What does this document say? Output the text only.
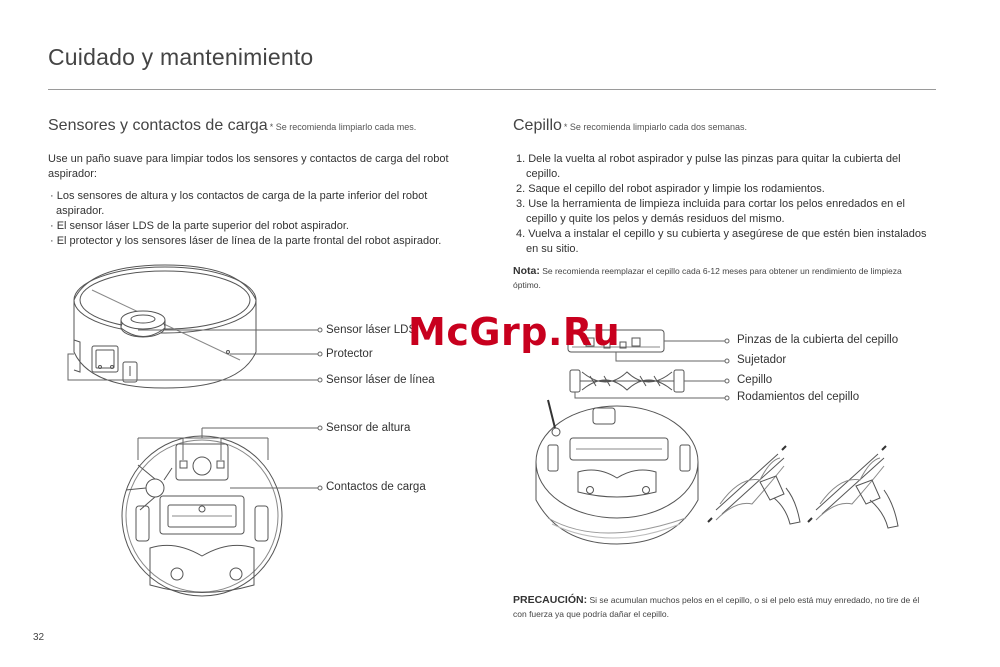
Cuidado y mantenimiento
Sensores y contactos de carga * Se recomienda limpiarlo cada mes.
Use un paño suave para limpiar todos los sensores y contactos de carga del robot aspirador:
· Los sensores de altura y los contactos de carga de la parte inferior del robot aspirador.
· El sensor láser LDS de la parte superior del robot aspirador.
· El protector y los sensores láser de línea de la parte frontal del robot aspirador.
Cepillo * Se recomienda limpiarlo cada dos semanas.
1. Dele la vuelta al robot aspirador y pulse las pinzas para quitar la cubierta del cepillo.
2. Saque el cepillo del robot aspirador y limpie los rodamientos.
3. Use la herramienta de limpieza incluida para cortar los pelos enredados en el cepillo y quite los pelos y demás residuos del mismo.
4. Vuelva a instalar el cepillo y su cubierta y asegúrese de que estén bien instalados en su sitio.
Nota: Se recomienda reemplazar el cepillo cada 6-12 meses para obtener un rendimiento de limpieza óptimo.
Sensor láser LDS
Protector
Sensor láser de línea
Sensor de altura
Contactos de carga
Pinzas de la cubierta del cepillo
Sujetador
Cepillo
Rodamientos del cepillo
McGrp.Ru
PRECAUCIÓN: Si se acumulan muchos pelos en el cepillo, o si el pelo está muy enredado, no tire de él con fuerza ya que podría dañar el cepillo.
32
